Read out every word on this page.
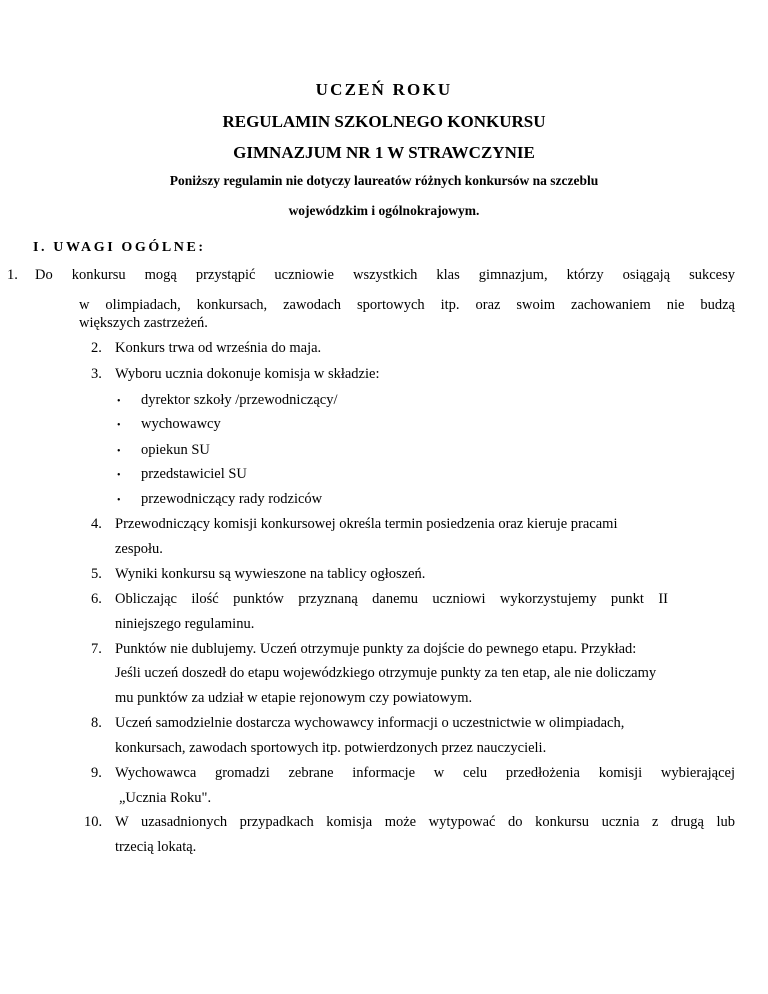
UCZEŃ ROKU
REGULAMIN SZKOLNEGO KONKURSU
GIMNAZJUM NR 1 W STRAWCZYNIE
Poniższy regulamin nie dotyczy laureatów różnych konkursów na szczeblu
wojewódzkim i ogólnokrajowym.
I. UWAGI OGÓLNE:
1. Do konkursu mogą przystąpić uczniowie wszystkich klas gimnazjum, którzy osiągają sukcesy
w olimpiadach, konkursach, zawodach sportowych itp. oraz swoim zachowaniem nie budzą
większych zastrzeżeń.
2. Konkurs trwa od września do maja.
3. Wyboru ucznia dokonuje komisja w składzie:
• dyrektor szkoły /przewodniczący/
• wychowawcy
• opiekun SU
• przedstawiciel SU
• przewodniczący rady rodziców
4. Przewodniczący komisji konkursowej określa termin posiedzenia oraz kieruje pracami
zespołu.
5. Wyniki konkursu są wywieszone na tablicy ogłoszeń.
6. Obliczając ilość punktów przyznaną danemu uczniowi wykorzystujemy punkt II
niniejszego regulaminu.
7. Punktów nie dublujemy. Uczeń otrzymuje punkty za dojście do pewnego etapu. Przykład:
Jeśli uczeń doszedł do etapu wojewódzkiego otrzymuje punkty za ten etap, ale nie doliczamy
mu punktów za udział w etapie rejonowym czy powiatowym.
8. Uczeń samodzielnie dostarcza wychowawcy informacji o uczestnictwie w olimpiadach,
konkursach, zawodach sportowych itp. potwierdzonych przez nauczycieli.
9. Wychowawca gromadzi zebrane informacje w celu przedłożenia komisji wybierającej
„Ucznia Roku".
10. W uzasadnionych przypadkach komisja może wytypować do konkursu ucznia z drugą lub
trzecią lokatą.
